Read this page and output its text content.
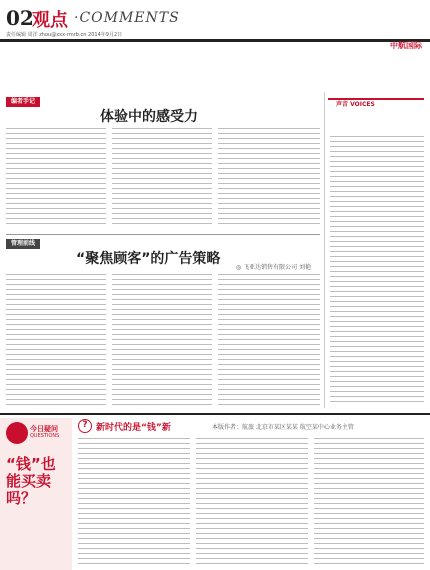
02
观点 ·COMMENTS
责任编辑 周洋 zhou@xxx-rmrb.cn 2014年9月2日
中航国际
编者手记
体验中的感受力
声音 VOICES
管理前线
“聚焦顾客”的广告策略
◎ 飞亚达销售有限公司 刘艳
今日疑问
QUESTIONS
“钱”也能买卖吗？
? 新时代的是“钱”新	本版作者：航旅 北京市某区某某 航空某中心业务主管
